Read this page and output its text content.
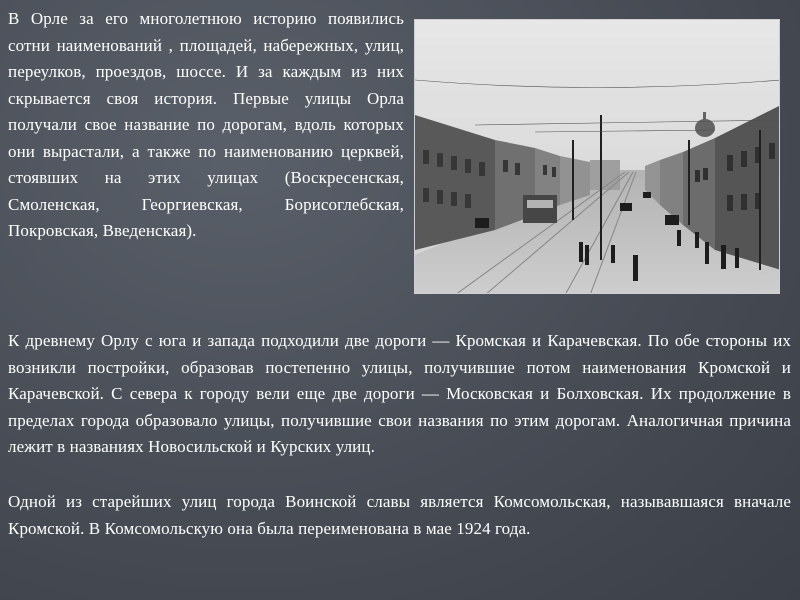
В Орле за его многолетнюю историю появились сотни наименований , площадей, набережных, улиц, переулков, проездов, шоссе. И за каждым из них скрывается своя история. Первые улицы Орла получали свое название по дорогам, вдоль которых они вырастали, а также по наименованию церквей, стоявших на этих улицах (Воскресенская, Смоленская, Георгиевская, Борисоглебская, Покровская, Введенская).
К древнему Орлу с юга и запада подходили две дороги — Кромская и Карачевская. По обе стороны их возникли постройки, образовав постепенно улицы, получившие потом наименования Кромской и Карачевской. С севера к городу вели еще две дороги — Московская и Болховская. Их продолжение в пределах города образовало улицы, получившие свои названия по этим дорогам. Аналогичная причина лежит в названиях Новосильской и Курских улиц.
Одной из старейших улиц города Воинской славы является Комсомольская, называвшаяся вначале Кромской. В Комсомольскую она была переименована в мае 1924 года.
